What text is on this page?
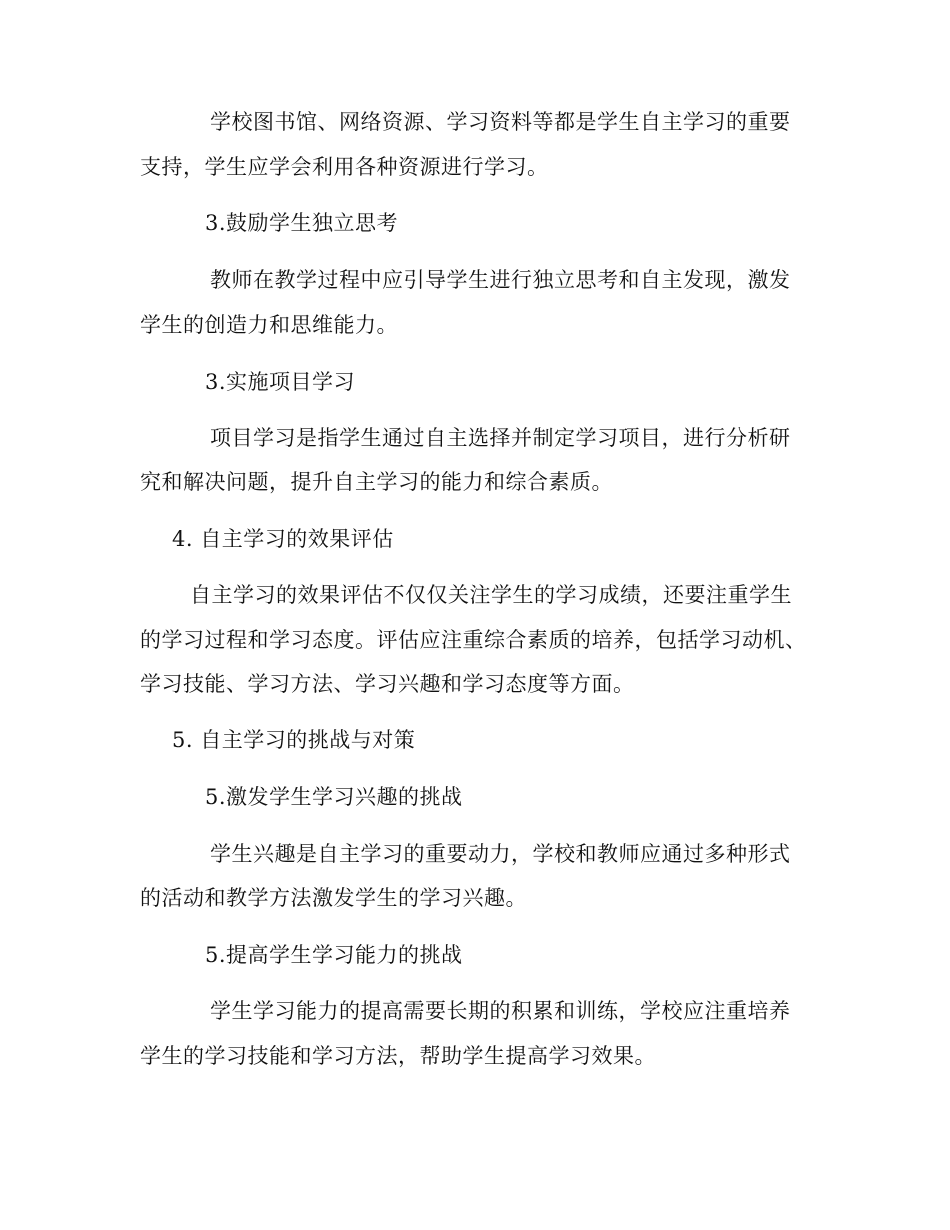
学校图书馆、网络资源、学习资料等都是学生自主学习的重要
支持，学生应学会利用各种资源进行学习。
3.鼓励学生独立思考
教师在教学过程中应引导学生进行独立思考和自主发现，激发
学生的创造力和思维能力。
3.实施项目学习
项目学习是指学生通过自主选择并制定学习项目，进行分析研
究和解决问题，提升自主学习的能力和综合素质。
4. 自主学习的效果评估
自主学习的效果评估不仅仅关注学生的学习成绩，还要注重学生
的学习过程和学习态度。评估应注重综合素质的培养，包括学习动机、
学习技能、学习方法、学习兴趣和学习态度等方面。
5. 自主学习的挑战与对策
5.激发学生学习兴趣的挑战
学生兴趣是自主学习的重要动力，学校和教师应通过多种形式
的活动和教学方法激发学生的学习兴趣。
5.提高学生学习能力的挑战
学生学习能力的提高需要长期的积累和训练，学校应注重培养
学生的学习技能和学习方法，帮助学生提高学习效果。
